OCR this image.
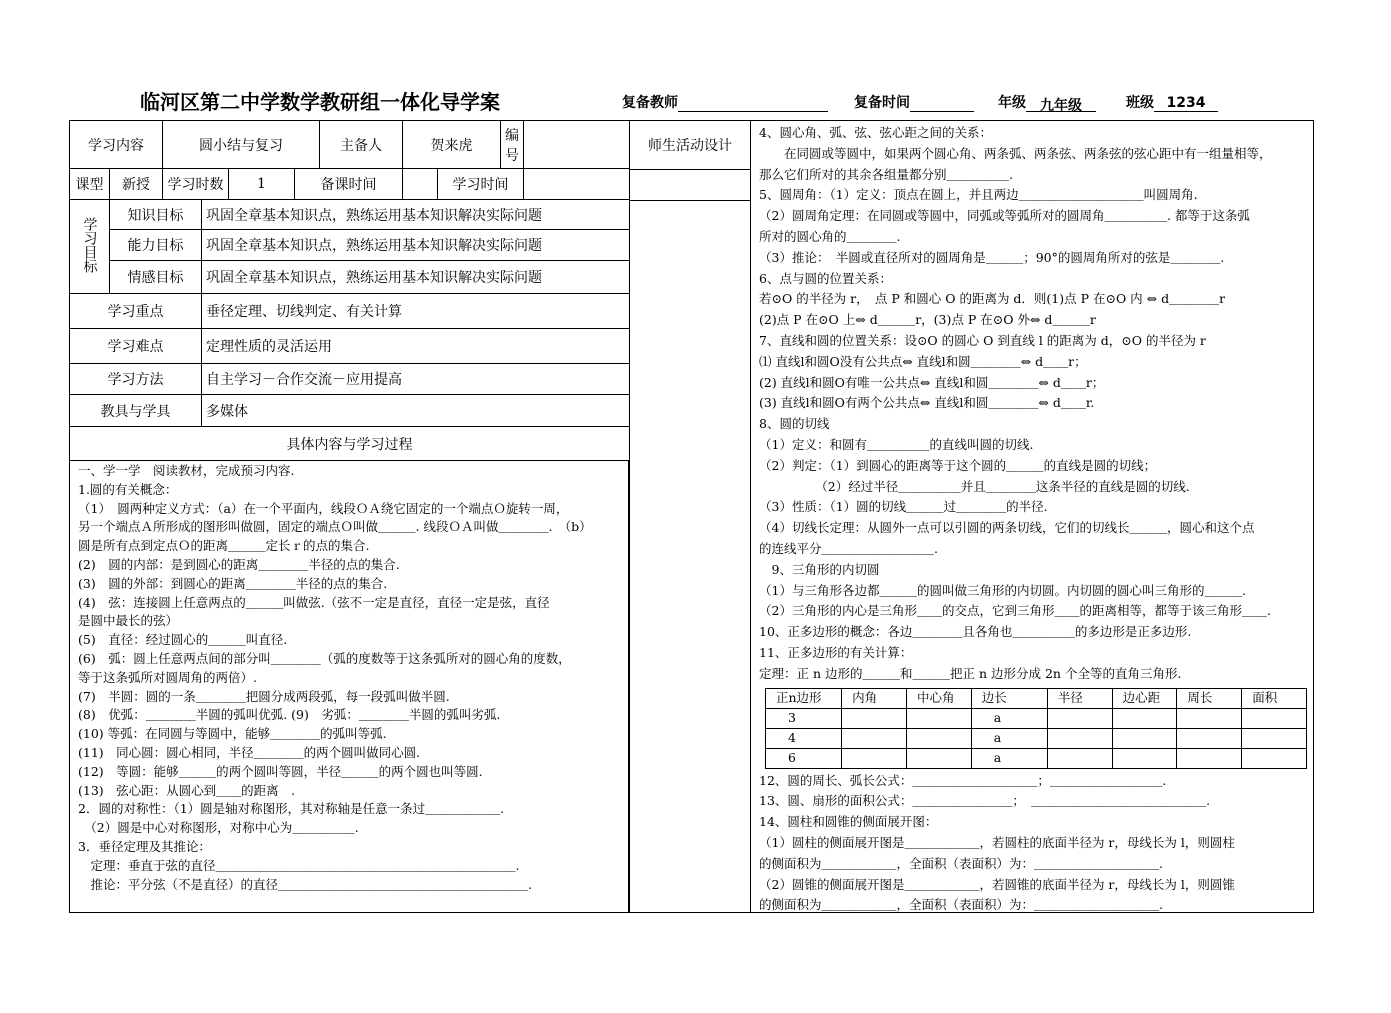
临河区第二中学数学教研组一体化导学案	复备教师	复备时间	年级 九年级	班级 1234
学习内容		圆小结与复习				主备人	贺来虎		编号	
课型	新授	学习时数		1	备课时间			学习时间		
学习目标	知识目标		巩固全章基本知识点，熟练运用基本知识解决实际问题							
	能力目标		巩固全章基本知识点，熟练运用基本知识解决实际问题							
	情感目标		巩固全章基本知识点，熟练运用基本知识解决实际问题							
学习重点			垂径定理、切线判定、有关计算							
学习难点			定理性质的灵活运用							
学习方法			自主学习－合作交流－应用提高							
教具与学具			多媒体							
具体内容与学习过程										
师生活动设计

一、学一学　阅读教材，完成预习内容.

1.圆的有关概念：

（1）　圆两种定义方式：（a）在一个平面内，线段ＯＡ绕它固定的一个端点Ｏ旋转一周，

另一个端点Ａ所形成的图形叫做圆，固定的端点Ｏ叫做＿＿＿. 线段ＯＡ叫做＿＿＿＿.　（b）

圆是所有点到定点Ｏ的距离＿＿＿定长ｒ的点的集合.

(2)　圆的内部：是到圆心的距离＿＿＿＿半径的点的集合.

(3)　圆的外部：到圆心的距离＿＿＿＿半径的点的集合.

(4)　弦：连接圆上任意两点的＿＿＿叫做弦.（弦不一定是直径，直径一定是弦，直径

是圆中最长的弦）

(5)　直径：经过圆心的＿＿＿叫直径.

(6)　弧：圆上任意两点间的部分叫＿＿＿＿（弧的度数等于这条弧所对的圆心角的度数，

等于这条弧所对圆周角的两倍）.

(7)　半圆：圆的一条＿＿＿＿把圆分成两段弧，每一段弧叫做半圆.

(8)　优弧：＿＿＿＿半圆的弧叫优弧. (9)　劣弧：＿＿＿＿半圆的弧叫劣弧.

(10) 等弧：在同圆与等圆中，能够＿＿＿＿的弧叫等弧.

(11)　同心圆：圆心相同，半径＿＿＿＿的两个圆叫做同心圆.

(12)　等圆：能够＿＿＿的两个圆叫等圆，半径＿＿＿的两个圆也叫等圆.

(13)　弦心距：从圆心到＿＿的距离　.

2．圆的对称性：（1）圆是轴对称图形，其对称轴是任意一条过＿＿＿＿＿＿.

　（2）圆是中心对称图形，对称中心为＿＿＿＿＿.

3．垂径定理及其推论：

　定理：垂直于弦的直径＿＿＿＿＿＿＿＿＿＿＿＿＿＿＿＿＿＿＿＿＿＿＿＿.

　推论：平分弦（不是直径）的直径＿＿＿＿＿＿＿＿＿＿＿＿＿＿＿＿＿＿＿＿.

4、圆心角、弧、弦、弦心距之间的关系：

　　在同圆或等圆中，如果两个圆心角、两条弧、两条弦、两条弦的弦心距中有一组量相等，

那么它们所对的其余各组量都分别＿＿＿＿＿.

5、圆周角：（1）定义：顶点在圆上，并且两边＿＿＿＿＿＿＿＿＿＿叫圆周角.

（2）圆周角定理：在同圆或等圆中，同弧或等弧所对的圆周角＿＿＿＿＿. 都等于这条弧

所对的圆心角的＿＿＿＿.

（3）推论：　半圆或直径所对的圆周角是＿＿＿；90°的圆周角所对的弦是＿＿＿＿.

6、点与圆的位置关系：

若⊙O 的半径为 r，　点 P 和圆心 O 的距离为 d．则(1)点 P 在⊙O 内 ⇔ d＿＿＿＿r

(2)点 P 在⊙O 上⇔ d＿＿＿r，(3)点 P 在⊙O 外⇔ d＿＿＿r

7、直线和圆的位置关系：设⊙O 的圆心 O 到直线 l 的距离为 d，⊙O 的半径为 r

⑴ 直线l和圆O没有公共点⇔ 直线l和圆＿＿＿＿⇔ d＿＿r；

(2) 直线l和圆O有唯一公共点⇔ 直线l和圆＿＿＿＿⇔ d＿＿r；

(3) 直线l和圆O有两个公共点⇔ 直线l和圆＿＿＿＿⇔ d＿＿r.

8、圆的切线

（1）定义：和圆有＿＿＿＿＿的直线叫圆的切线.

（2）判定：（1）到圆心的距离等于这个圆的＿＿＿的直线是圆的切线；

　　　　　（2）经过半径＿＿＿＿＿并且＿＿＿＿这条半径的直线是圆的切线.

（3）性质：（1）圆的切线＿＿＿过＿＿＿＿的半径.

（4）切线长定理：从圆外一点可以引圆的两条切线，它们的切线长＿＿＿，圆心和这个点

的连线平分＿＿＿＿＿＿＿＿＿.

　9、三角形的内切圆

（1）与三角形各边都＿＿＿的圆叫做三角形的内切圆。内切圆的圆心叫三角形的＿＿＿.

（2）三角形的内心是三角形＿＿的交点，它到三角形＿＿的距离相等，都等于该三角形＿＿.

10、正多边形的概念：各边＿＿＿＿且各角也＿＿＿＿＿的多边形是正多边形.

11、正多边形的有关计算：

定理：正 n 边形的＿＿＿和＿＿＿把正 n 边形分成 2n 个全等的直角三角形.

正n边形	内角	中心角	边长	半径	边心距	周长	面积
3			a				
4			a				
6			a				

12、圆的周长、弧长公式：＿＿＿＿＿＿＿＿＿＿；＿＿＿＿＿＿＿＿＿.

13、圆、扇形的面积公式：＿＿＿＿＿＿＿＿；　＿＿＿＿＿＿＿＿＿＿＿＿＿＿.

14、圆柱和圆锥的侧面展开图：

（1）圆柱的侧面展开图是＿＿＿＿＿＿，若圆柱的底面半径为 r，母线长为 l，则圆柱

的侧面积为＿＿＿＿＿＿，全面积（表面积）为：＿＿＿＿＿＿＿＿＿＿.

（2）圆锥的侧面展开图是＿＿＿＿＿＿，若圆锥的底面半径为 r，母线长为 l，则圆锥

的侧面积为＿＿＿＿＿＿，全面积（表面积）为：＿＿＿＿＿＿＿＿＿＿.
